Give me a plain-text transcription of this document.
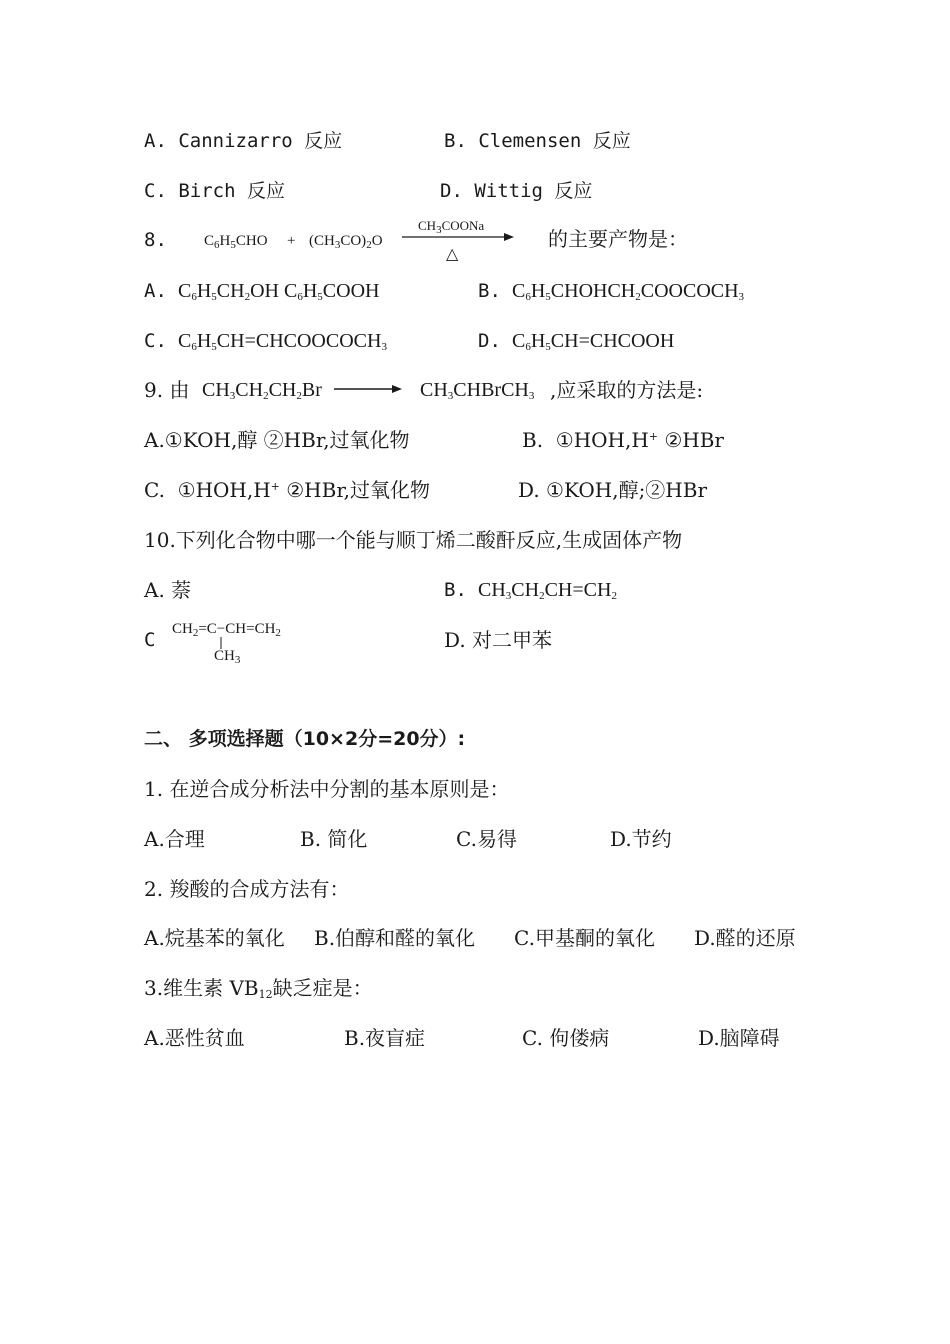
A. Cannizarro 反应	B. Clemensen 反应
C. Birch 反应	D. Wittig 反应
8. $C_6H_5CHO + (CH_3CO)_2O$
$CH_3COONa$
△
的主要产物是：
A. $C_6H_5CH_2OH$ $C_6H_5COOH$	B. $C_6H_5CHOHCH_2COOCOCH_3$
C. $C_6H_5CH=CHCOOCOCH_3$	D. $C_6H_5CH=CHCOOH$
9. 由 $CH_3CH_2CH_2Br$	$CH_3CHBrCH_3$ ,应采取的方法是:
A.①KOH,醇 ②HBr,过氧化物	B.  ①HOH,H+ ②HBr
C.  ①HOH,H+ ②HBr,过氧化物	D. ①KOH,醇;②HBr
10.下列化合物中哪一个能与顺丁烯二酸酐反应,生成固体产物
A. 萘	B. $CH_3CH_2CH=CH_2$
C $CH_2=C-CH=CH_2$
$CH_3$
D. 对二甲苯
二、 多项选择题（10×2分=20分）:
1. 在逆合成分析法中分割的基本原则是：
A.合理	B. 简化	C.易得	D.节约
2. 羧酸的合成方法有：
A.烷基苯的氧化 B.伯醇和醛的氧化 C.甲基酮的氧化 D.醛的还原
3.维生素 $VB_{12}$缺乏症是：
A.恶性贫血	B.夜盲症	C. 佝偻病	D.脑障碍
